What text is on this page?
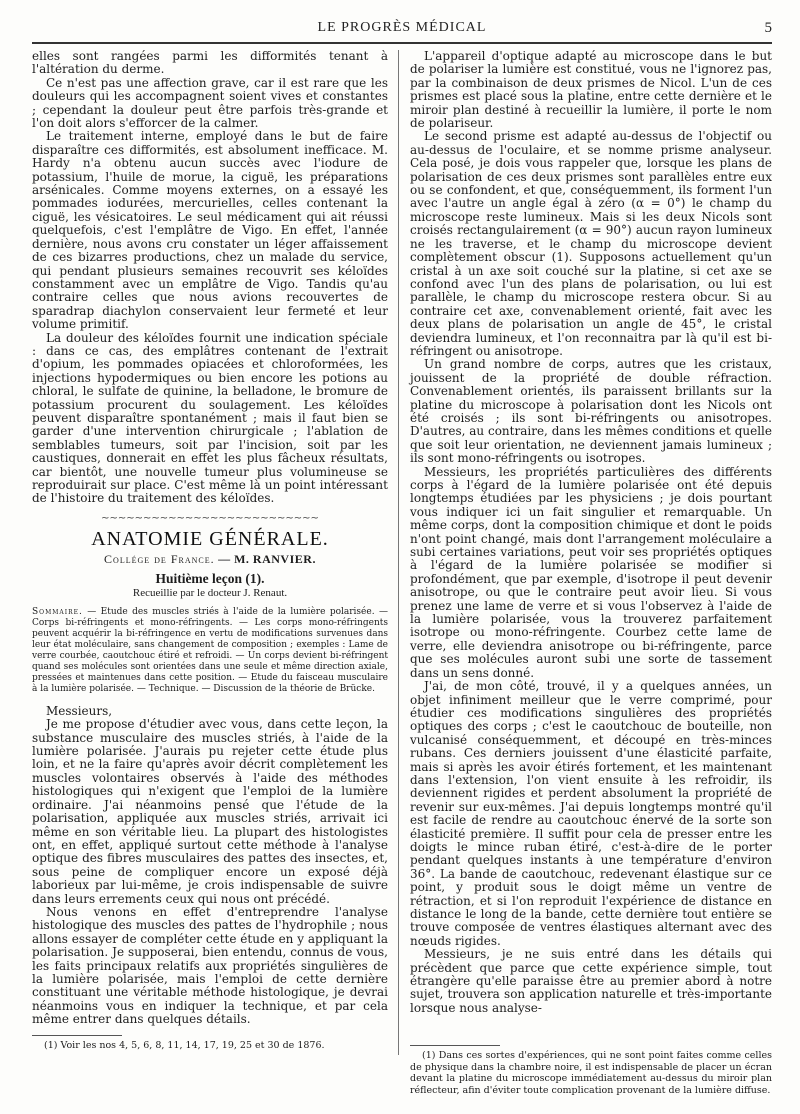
LE PROGRÈS MÉDICAL	5

elles sont rangées parmi les difformités tenant à l'altération du derme.

Ce n'est pas une affection grave, car il est rare que les douleurs qui les accompagnent soient vives et constantes ; cependant la douleur peut être parfois très-grande et l'on doit alors s'efforcer de la calmer.

Le traitement interne, employé dans le but de faire disparaître ces difformités, est absolument inefficace. M. Hardy n'a obtenu aucun succès avec l'iodure de potassium, l'huile de morue, la ciguë, les préparations arsénicales. Comme moyens externes, on a essayé les pommades iodurées, mercurielles, celles contenant la ciguë, les vésicatoires. Le seul médicament qui ait réussi quelquefois, c'est l'emplâtre de Vigo. En effet, l'année dernière, nous avons cru constater un léger affaissement de ces bizarres productions, chez un malade du service, qui pendant plusieurs semaines recouvrit ses kéloïdes constamment avec un emplâtre de Vigo. Tandis qu'au contraire celles que nous avions recouvertes de sparadrap diachylon conservaient leur fermeté et leur volume primitif.

La douleur des kéloïdes fournit une indication spéciale : dans ce cas, des emplâtres contenant de l'extrait d'opium, les pommades opiacées et chloroformées, les injections hypodermiques ou bien encore les potions au chloral, le sulfate de quinine, la belladone, le bromure de potassium procurent du soulagement. Les kéloïdes peuvent disparaître spontanément ; mais il faut bien se garder d'une intervention chirurgicale ; l'ablation de semblables tumeurs, soit par l'incision, soit par les caustiques, donnerait en effet les plus fâcheux résultats, car bientôt, une nouvelle tumeur plus volumineuse se reproduirait sur place. C'est même là un point intéressant de l'histoire du traitement des kéloïdes.

~~~~~~~~~~~~~~~~~~~~~~~~~~
ANATOMIE GÉNÉRALE.
Collége de France. — M. RANVIER.
Huitième leçon (1).
Recueillie par le docteur J. Renaut.
Sommaire. — Etude des muscles striés à l'aide de la lumière polarisée. — Corps bi-réfringents et mono-réfringents. — Les corps mono-réfringents peuvent acquérir la bi-réfringence en vertu de modifications survenues dans leur état moléculaire, sans changement de composition ; exemples : Lame de verre courbée, caoutchouc étiré et refroidi. — Un corps devient bi-réfringent quand ses molécules sont orientées dans une seule et même direction axiale, pressées et maintenues dans cette position. — Etude du faisceau musculaire à la lumière polarisée. — Technique. — Discussion de la théorie de Brücke.

Messieurs,

Je me propose d'étudier avec vous, dans cette leçon, la substance musculaire des muscles striés, à l'aide de la lumière polarisée. J'aurais pu rejeter cette étude plus loin, et ne la faire qu'après avoir décrit complètement les muscles volontaires observés à l'aide des méthodes histologiques qui n'exigent que l'emploi de la lumière ordinaire. J'ai néanmoins pensé que l'étude de la polarisation, appliquée aux muscles striés, arrivait ici même en son véritable lieu. La plupart des histologistes ont, en effet, appliqué surtout cette méthode à l'analyse optique des fibres musculaires des pattes des insectes, et, sous peine de compliquer encore un exposé déjà laborieux par lui-même, je crois indispensable de suivre dans leurs errements ceux qui nous ont précédé.

Nous venons en effet d'entreprendre l'analyse histologique des muscles des pattes de l'hydrophile ; nous allons essayer de compléter cette étude en y appliquant la polarisation. Je supposerai, bien entendu, connus de vous, les faits principaux relatifs aux propriétés singulières de la lumière polarisée, mais l'emploi de cette dernière constituant une véritable méthode histologique, je devrai néanmoins vous en indiquer la technique, et par cela même entrer dans quelques détails.

(1) Voir les nos 4, 5, 6, 8, 11, 14, 17, 19, 25 et 30 de 1876.

L'appareil d'optique adapté au microscope dans le but de polariser la lumière est constitué, vous ne l'ignorez pas, par la combinaison de deux prismes de Nicol. L'un de ces prismes est placé sous la platine, entre cette dernière et le miroir plan destiné à recueillir la lumière, il porte le nom de polariseur.

Le second prisme est adapté au-dessus de l'objectif ou au-dessus de l'oculaire, et se nomme prisme analyseur. Cela posé, je dois vous rappeler que, lorsque les plans de polarisation de ces deux prismes sont parallèles entre eux ou se confondent, et que, conséquemment, ils forment l'un avec l'autre un angle égal à zéro (α = 0°) le champ du microscope reste lumineux. Mais si les deux Nicols sont croisés rectangulairement (α = 90°) aucun rayon lumineux ne les traverse, et le champ du microscope devient complètement obscur (1). Supposons actuellement qu'un cristal à un axe soit couché sur la platine, si cet axe se confond avec l'un des plans de polarisation, ou lui est parallèle, le champ du microscope restera obcur. Si au contraire cet axe, convenablement orienté, fait avec les deux plans de polarisation un angle de 45°, le cristal deviendra lumineux, et l'on reconnaitra par là qu'il est bi-réfringent ou anisotrope.

Un grand nombre de corps, autres que les cristaux, jouissent de la propriété de double réfraction. Convenablement orientés, ils paraissent brillants sur la platine du microscope à polarisation dont les Nicols ont été croisés ; ils sont bi-réfringents ou anisotropes. D'autres, au contraire, dans les mêmes conditions et quelle que soit leur orientation, ne deviennent jamais lumineux ; ils sont mono-réfringents ou isotropes.

Messieurs, les propriétés particulières des différents corps à l'égard de la lumière polarisée ont été depuis longtemps étudiées par les physiciens ; je dois pourtant vous indiquer ici un fait singulier et remarquable. Un même corps, dont la composition chimique et dont le poids n'ont point changé, mais dont l'arrangement moléculaire a subi certaines variations, peut voir ses propriétés optiques à l'égard de la lumière polarisée se modifier si profondément, que par exemple, d'isotrope il peut devenir anisotrope, ou que le contraire peut avoir lieu. Si vous prenez une lame de verre et si vous l'observez à l'aide de la lumière polarisée, vous la trouverez parfaitement isotrope ou mono-réfringente. Courbez cette lame de verre, elle deviendra anisotrope ou bi-réfringente, parce que ses molécules auront subi une sorte de tassement dans un sens donné.

J'ai, de mon côté, trouvé, il y a quelques années, un objet infiniment meilleur que le verre comprimé, pour étudier ces modifications singulières des propriétés optiques des corps ; c'est le caoutchouc de bouteille, non vulcanisé conséquemment, et découpé en très-minces rubans. Ces derniers jouissent d'une élasticité parfaite, mais si après les avoir étirés fortement, et les maintenant dans l'extension, l'on vient ensuite à les refroidir, ils deviennent rigides et perdent absolument la propriété de revenir sur eux-mêmes. J'ai depuis longtemps montré qu'il est facile de rendre au caoutchouc énervé de la sorte son élasticité première. Il suffit pour cela de presser entre les doigts le mince ruban étiré, c'est-à-dire de le porter pendant quelques instants à une température d'environ 36°. La bande de caoutchouc, redevenant élastique sur ce point, y produit sous le doigt même un ventre de rétraction, et si l'on reproduit l'expérience de distance en distance le long de la bande, cette dernière tout entière se trouve composée de ventres élastiques alternant avec des nœuds rigides.

Messieurs, je ne suis entré dans les détails qui précèdent que parce que cette expérience simple, tout étrangère qu'elle paraisse être au premier abord à notre sujet, trouvera son application naturelle et très-importante lorsque nous analyse-

(1) Dans ces sortes d'expériences, qui ne sont point faites comme celles de physique dans la chambre noire, il est indispensable de placer un écran devant la platine du microscope immédiatement au-dessus du miroir plan réflecteur, afin d'éviter toute complication provenant de la lumière diffuse.
